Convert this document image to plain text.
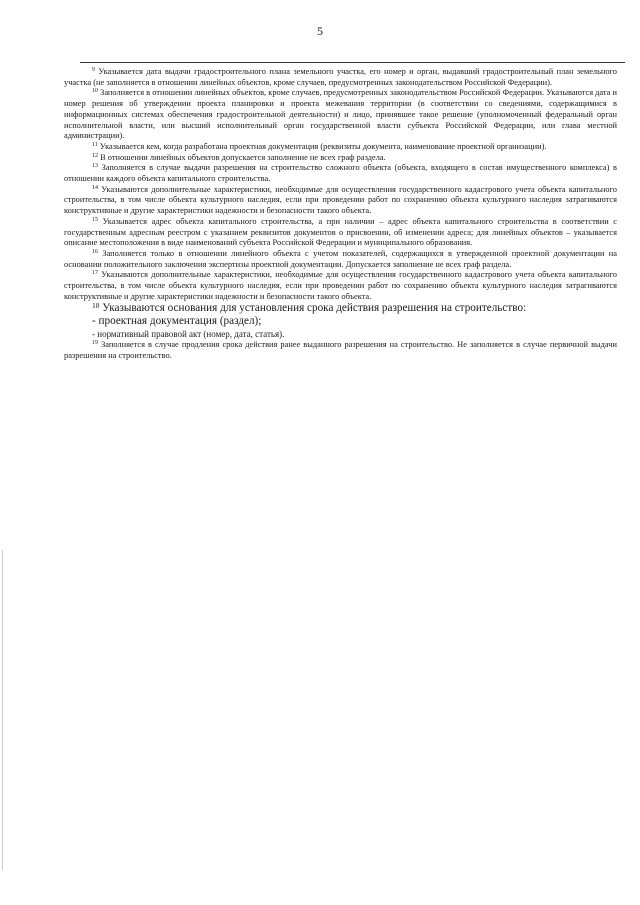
5

$^9$ Указывается дата выдачи градостроительного плана земельного участка, его номер и орган, выдавший градостроительный план земельного участка (не заполняется в отношении линейных объектов, кроме случаев, предусмотренных законодательством Российской Федерации).

$^{10}$ Заполняется в отношении линейных объектов, кроме случаев, предусмотренных законодательством Российской Федерации. Указываются дата и номер решения об утверждении проекта планировки и проекта межевания территории (в соответствии со сведениями, содержащимися в информационных системах обеспечения градостроительной деятельности) и лицо, принявшее такое решение (уполномоченный федеральный орган исполнительной власти, или высший исполнительный орган государственной власти субъекта Российской Федерации, или глава местной администрации).

$^{11}$ Указывается кем, когда разработана проектная документация (реквизиты документа, наименование проектной организации).

$^{12}$ В отношении линейных объектов допускается заполнение не всех граф раздела.

$^{13}$ Заполняется в случае выдачи разрешения на строительство сложного объекта (объекта, входящего в состав имущественного комплекса) в отношении каждого объекта капитального строительства.

$^{14}$ Указываются дополнительные характеристики, необходимые для осуществления государственного кадастрового учета объекта капитального строительства, в том числе объекта культурного наследия, если при проведении работ по сохранению объекта культурного наследия затрагиваются конструктивные и другие характеристики надежности и безопасности такого объекта.

$^{15}$ Указывается адрес объекта капитального строительства, а при наличии – адрес объекта капитального строительства в соответствии с государственным адресным реестром с указанием реквизитов документов о присвоении, об изменении адреса; для линейных объектов – указывается описание местоположения в виде наименований субъекта Российской Федерации и муниципального образования.

$^{16}$ Заполняется только в отношении линейного объекта с учетом показателей, содержащихся в утвержденной проектной документации на основании положительного заключения экспертизы проектной документации. Допускается заполнение не всех граф раздела.

$^{17}$ Указываются дополнительные характеристики, необходимые для осуществления государственного кадастрового учета объекта капитального строительства, в том числе объекта культурного наследия, если при проведении работ по сохранению объекта культурного наследия затрагиваются конструктивные и другие характеристики надежности и безопасности такого объекта.

$^{18}$ Указываются основания для установления срока действия разрешения на строительство:

- проектная документация (раздел);

- нормативный правовой акт (номер, дата, статья).

$^{19}$ Заполняется в случае продления срока действия ранее выданного разрешения на строительство. Не заполняется в случае первичной выдачи разрешения на строительство.
